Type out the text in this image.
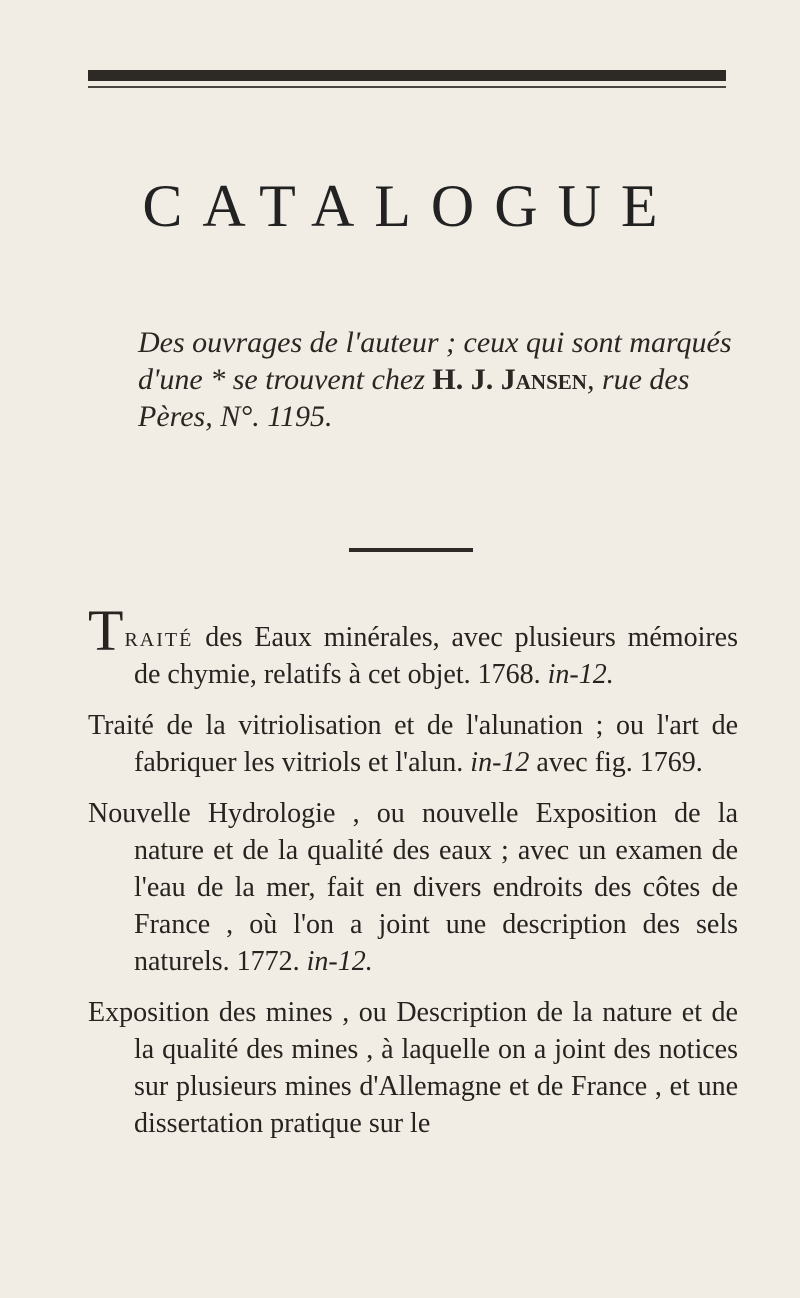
CATALOGUE
Des ouvrages de l'auteur ; ceux qui sont marqués d'une * se trouvent chez H. J. Jansen, rue des Pères, N°. 1195.
Traité des Eaux minérales, avec plusieurs mémoires de chymie, relatifs à cet objet. 1768. in-12.
Traité de la vitriolisation et de l'alunation ; ou l'art de fabriquer les vitriols et l'alun. in-12 avec fig. 1769.
Nouvelle Hydrologie , ou nouvelle Exposition de la nature et de la qualité des eaux ; avec un examen de l'eau de la mer, fait en divers endroits des côtes de France , où l'on a joint une description des sels naturels. 1772. in-12.
Exposition des mines , ou Description de la nature et de la qualité des mines , à laquelle on a joint des notices sur plusieurs mines d'Allemagne et de France , et une dissertation pratique sur le
